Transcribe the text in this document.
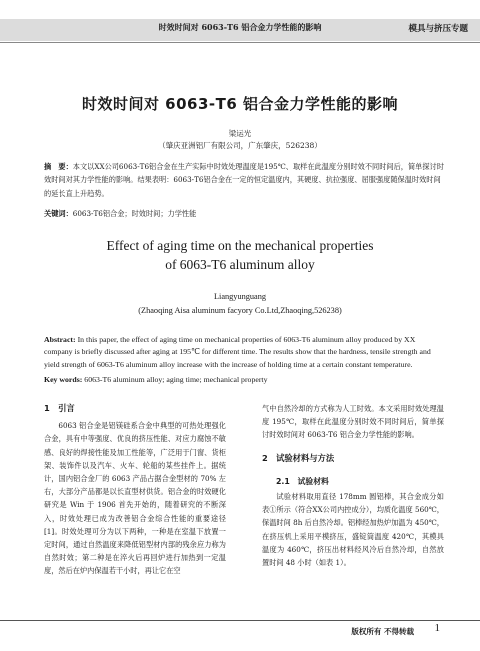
时效时间对 6063-T6 铝合金力学性能的影响	模具与挤压专题
时效时间对 6063-T6 铝合金力学性能的影响
梁运光
（肇庆亚洲铝厂有限公司，广东肇庆，526238）
摘　要：本文以XX公司6063-T6铝合金在生产实际中时效处理温度是195℃、取样在此温度分别时效不同时间后，简单探讨时效时间对其力学性能的影响。结果表明：6063-T6铝合金在一定的恒定温度内，其硬度、抗拉强度、屈服强度随保温时效时间的延长直上升趋势。
关键词：6063-T6铝合金；时效时间；力学性能
Effect of aging time on the mechanical properties
of 6063-T6 aluminum alloy
Liangyunguang
(Zhaoqing Aisa aluminum facyory Co.Ltd,Zhaoqing,526238)
Abstract: In this paper, the effect of aging time on mechanical properties of 6063-T6 aluminum alloy produced by XX company is briefly discussed after aging at 195℃ for different time. The results show that the hardness, tensile strength and yield strength of 6063-T6 aluminum alloy increase with the increase of holding time at a certain constant temperature.
Key words: 6063-T6 aluminum alloy; aging time; mechanical property
1　引言
6063 铝合金是铝镁硅系合金中典型的可热处理强化合金，具有中等强度、优良的挤压性能、对应力腐蚀不敏感、良好的焊接性能及加工性能等，广泛用于门窗、货柜架、装饰件以及汽车、火车、轮船的某些挂件上。据统计，国内铝合金厂的 6063 产品占据合金型材的 70% 左右，大部分产品都是以长直型材供货。铝合金的时效硬化研究是 Win 于 1906 首先开始的，随着研究的不断深入，时效处理已成为改善铝合金综合性能的重要途径 [1]。时效处理可分为以下两种，一种是在室温下放置一定时间，通过自然温度来降低铝型材内部的残余应力称为自然时效；第二种是在淬火后再回炉进行加热到一定温度，然后在炉内保温若干小时，再让它在空
气中自然冷却的方式称为人工时效。本文采用时效处理温度 195℃，取样在此温度分别时效不同时间后，简单探讨时效时间对 6063-T6 铝合金力学性能的影响。
2　试验材料与方法
2.1　试验材料
试验材料取用直径 178mm 圆铝棒，其合金成分如表①所示（符合XX公司内控成分），均质化温度 560℃，保温时间 8h 后自然冷却。铝棒经加热炉加温为 450℃，在挤压机上采用平模挤压，盛锭筒温度 420℃，其模具温度为 460℃，挤压出材料经风冷后自然冷却，自然放置时间 48 小时（如表 1）。
版权所有 不得转载 1
